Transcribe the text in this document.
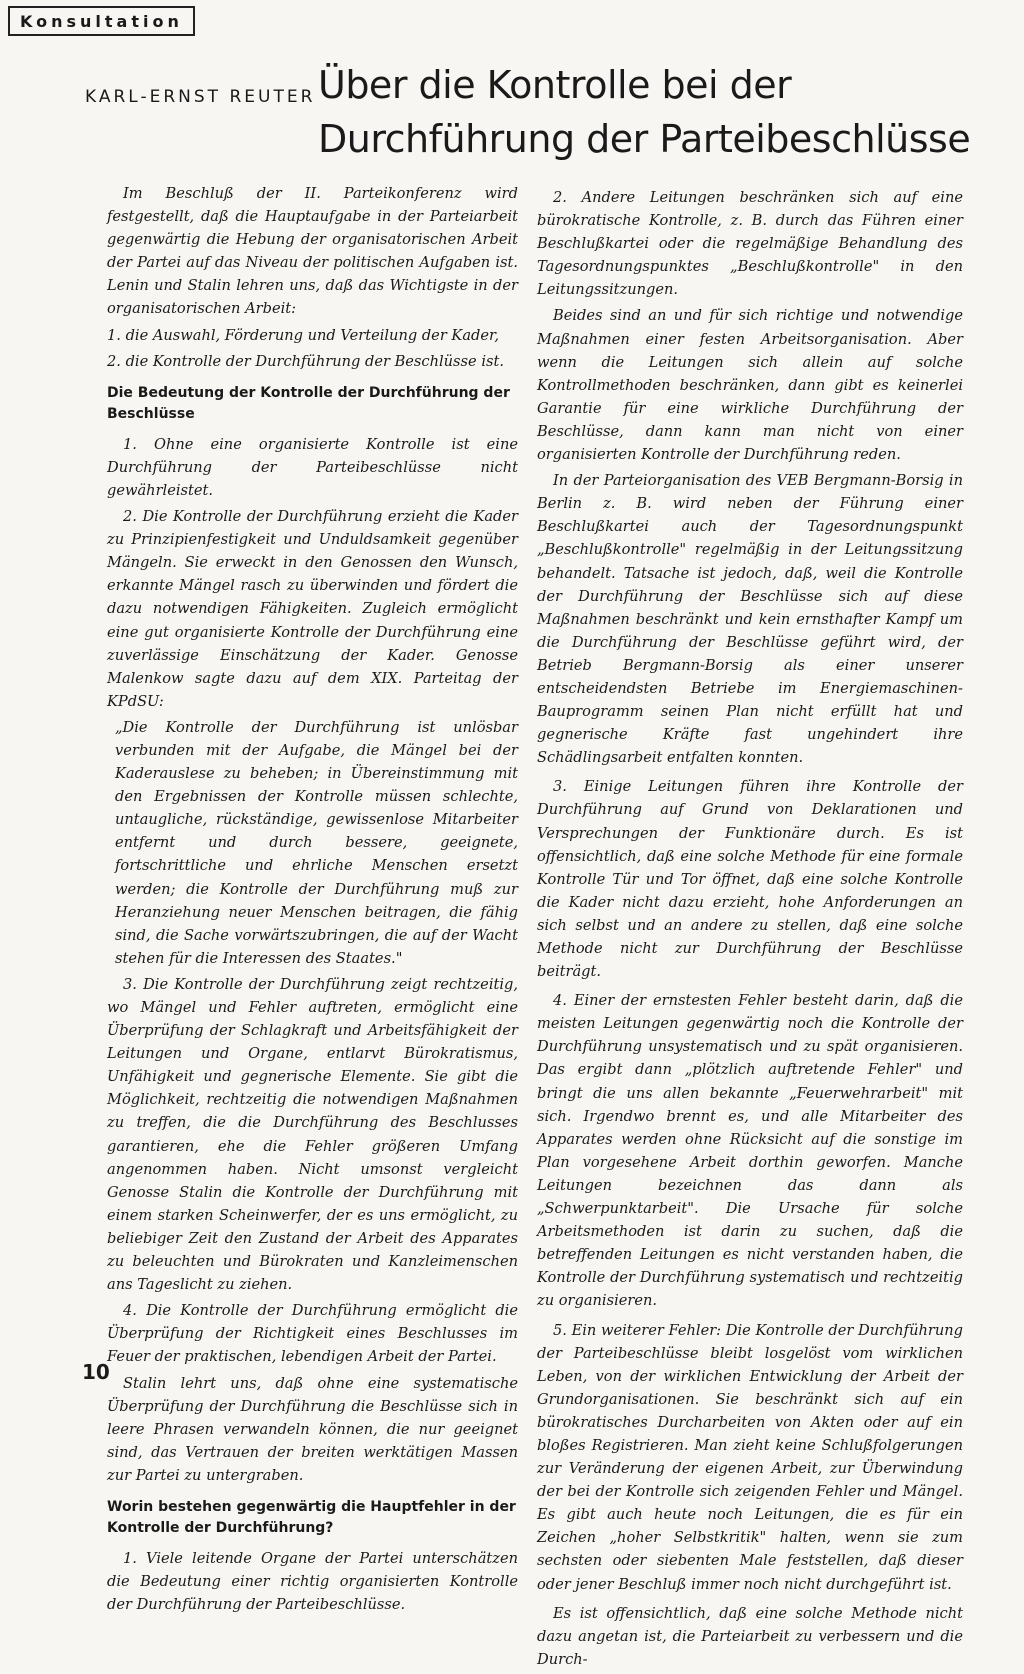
Konsultation
KARL-ERNST REUTER Über die Kontrolle bei der Durchführung der Parteibeschlüsse

Im Beschluß der II. Parteikonferenz wird festgestellt, daß die Hauptaufgabe in der Parteiarbeit gegenwärtig die Hebung der organisatorischen Arbeit der Partei auf das Niveau der politischen Aufgaben ist. Lenin und Stalin lehren uns, daß das Wichtigste in der organisatorischen Arbeit:

1. die Auswahl, Förderung und Verteilung der Kader,

2. die Kontrolle der Durchführung der Beschlüsse ist.

Die Bedeutung der Kontrolle der Durchführung der Beschlüsse

1. Ohne eine organisierte Kontrolle ist eine Durchführung der Parteibeschlüsse nicht gewährleistet.

2. Die Kontrolle der Durchführung erzieht die Kader zu Prinzipienfestigkeit und Unduldsamkeit gegenüber Mängeln. Sie erweckt in den Genossen den Wunsch, erkannte Mängel rasch zu überwinden und fördert die dazu notwendigen Fähigkeiten. Zugleich ermöglicht eine gut organisierte Kontrolle der Durchführung eine zuverlässige Einschätzung der Kader. Genosse Malenkow sagte dazu auf dem XIX. Parteitag der KPdSU:

„Die Kontrolle der Durchführung ist unlösbar verbunden mit der Aufgabe, die Mängel bei der Kaderauslese zu beheben; in Übereinstimmung mit den Ergebnissen der Kontrolle müssen schlechte, untaugliche, rückständige, gewissenlose Mitarbeiter entfernt und durch bessere, geeignete, fortschrittliche und ehrliche Menschen ersetzt werden; die Kontrolle der Durchführung muß zur Heranziehung neuer Menschen beitragen, die fähig sind, die Sache vorwärtszubringen, die auf der Wacht stehen für die Interessen des Staates."

3. Die Kontrolle der Durchführung zeigt rechtzeitig, wo Mängel und Fehler auftreten, ermöglicht eine Überprüfung der Schlagkraft und Arbeitsfähigkeit der Leitungen und Organe, entlarvt Bürokratismus, Unfähigkeit und gegnerische Elemente. Sie gibt die Möglichkeit, rechtzeitig die notwendigen Maßnahmen zu treffen, die die Durchführung des Beschlusses garantieren, ehe die Fehler größeren Umfang angenommen haben. Nicht umsonst vergleicht Genosse Stalin die Kontrolle der Durchführung mit einem starken Scheinwerfer, der es uns ermöglicht, zu beliebiger Zeit den Zustand der Arbeit des Apparates zu beleuchten und Bürokraten und Kanzleimenschen ans Tageslicht zu ziehen.

4. Die Kontrolle der Durchführung ermöglicht die Überprüfung der Richtigkeit eines Beschlusses im Feuer der praktischen, lebendigen Arbeit der Partei.

Stalin lehrt uns, daß ohne eine systematische Überprüfung der Durchführung die Beschlüsse sich in leere Phrasen verwandeln können, die nur geeignet sind, das Vertrauen der breiten werktätigen Massen zur Partei zu untergraben.

Worin bestehen gegenwärtig die Hauptfehler in der Kontrolle der Durchführung?

1. Viele leitende Organe der Partei unterschätzen die Bedeutung einer richtig organisierten Kontrolle der Durchführung der Parteibeschlüsse.

2. Andere Leitungen beschränken sich auf eine bürokratische Kontrolle, z. B. durch das Führen einer Beschlußkartei oder die regelmäßige Behandlung des Tagesordnungspunktes „Beschlußkontrolle" in den Leitungssitzungen.

Beides sind an und für sich richtige und notwendige Maßnahmen einer festen Arbeitsorganisation. Aber wenn die Leitungen sich allein auf solche Kontrollmethoden beschränken, dann gibt es keinerlei Garantie für eine wirkliche Durchführung der Beschlüsse, dann kann man nicht von einer organisierten Kontrolle der Durchführung reden.

In der Parteiorganisation des VEB Bergmann-Borsig in Berlin z. B. wird neben der Führung einer Beschlußkartei auch der Tagesordnungspunkt „Beschlußkontrolle" regelmäßig in der Leitungssitzung behandelt. Tatsache ist jedoch, daß, weil die Kontrolle der Durchführung der Beschlüsse sich auf diese Maßnahmen beschränkt und kein ernsthafter Kampf um die Durchführung der Beschlüsse geführt wird, der Betrieb Bergmann-Borsig als einer unserer entscheidendsten Betriebe im Energiemaschinen-Bauprogramm seinen Plan nicht erfüllt hat und gegnerische Kräfte fast ungehindert ihre Schädlingsarbeit entfalten konnten.

3. Einige Leitungen führen ihre Kontrolle der Durchführung auf Grund von Deklarationen und Versprechungen der Funktionäre durch. Es ist offensichtlich, daß eine solche Methode für eine formale Kontrolle Tür und Tor öffnet, daß eine solche Kontrolle die Kader nicht dazu erzieht, hohe Anforderungen an sich selbst und an andere zu stellen, daß eine solche Methode nicht zur Durchführung der Beschlüsse beiträgt.

4. Einer der ernstesten Fehler besteht darin, daß die meisten Leitungen gegenwärtig noch die Kontrolle der Durchführung unsystematisch und zu spät organisieren. Das ergibt dann „plötzlich auftretende Fehler" und bringt die uns allen bekannte „Feuerwehrarbeit" mit sich. Irgendwo brennt es, und alle Mitarbeiter des Apparates werden ohne Rücksicht auf die sonstige im Plan vorgesehene Arbeit dorthin geworfen. Manche Leitungen bezeichnen das dann als „Schwerpunktarbeit". Die Ursache für solche Arbeitsmethoden ist darin zu suchen, daß die betreffenden Leitungen es nicht verstanden haben, die Kontrolle der Durchführung systematisch und rechtzeitig zu organisieren.

5. Ein weiterer Fehler: Die Kontrolle der Durchführung der Parteibeschlüsse bleibt losgelöst vom wirklichen Leben, von der wirklichen Entwicklung der Arbeit der Grundorganisationen. Sie beschränkt sich auf ein bürokratisches Durcharbeiten von Akten oder auf ein bloßes Registrieren. Man zieht keine Schlußfolgerungen zur Veränderung der eigenen Arbeit, zur Überwindung der bei der Kontrolle sich zeigenden Fehler und Mängel. Es gibt auch heute noch Leitungen, die es für ein Zeichen „hoher Selbstkritik" halten, wenn sie zum sechsten oder siebenten Male feststellen, daß dieser oder jener Beschluß immer noch nicht durchgeführt ist.

Es ist offensichtlich, daß eine solche Methode nicht dazu angetan ist, die Parteiarbeit zu verbessern und die Durch-

10
